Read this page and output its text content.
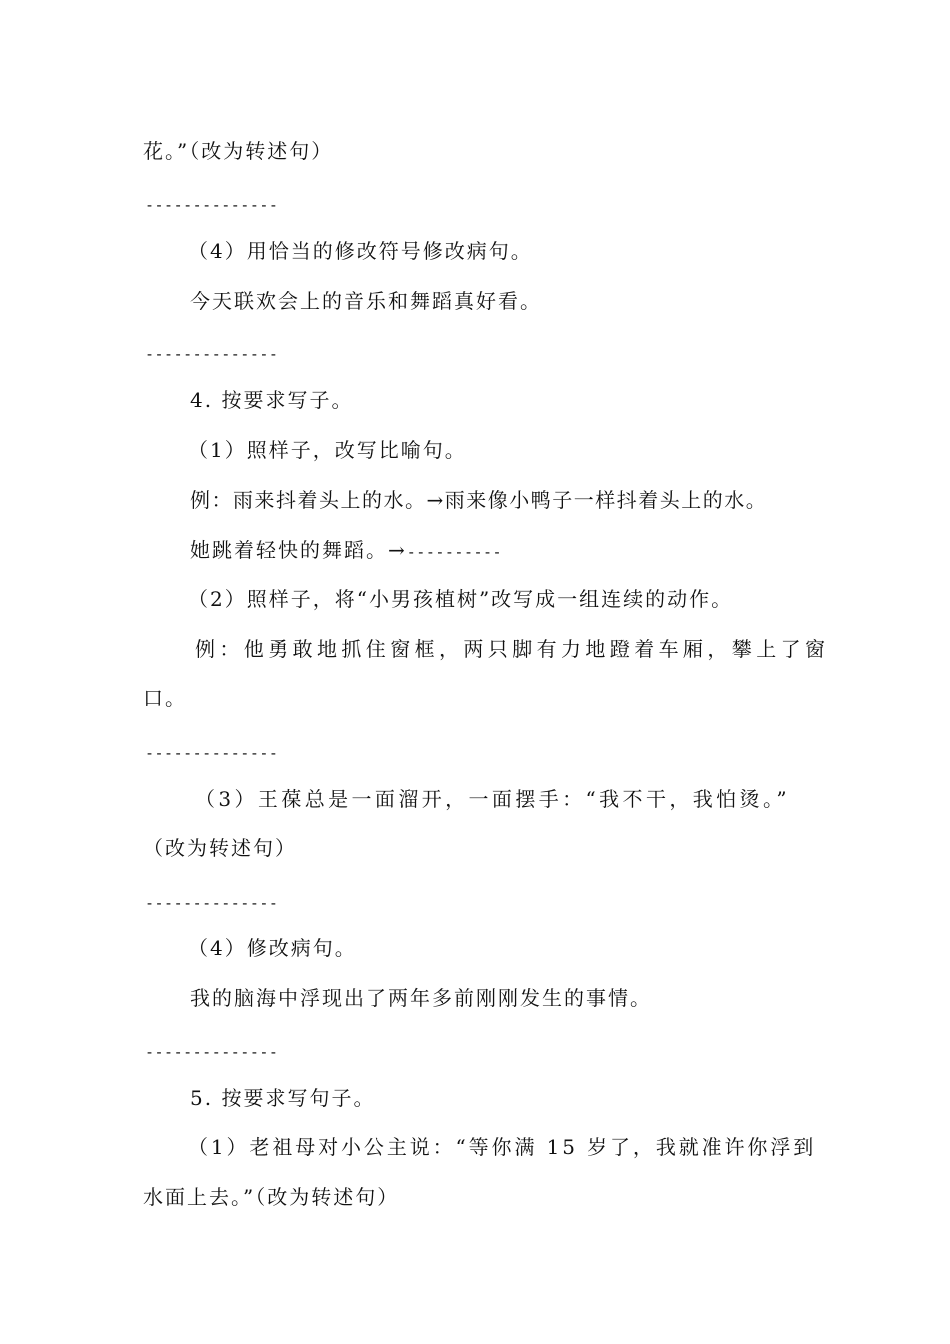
花。”（改为转述句）
--------------
（4）用恰当的修改符号修改病句。
今天联欢会上的音乐和舞蹈真好看。
--------------
4. 按要求写子。
（1）照样子，改写比喻句。
例：雨来抖着头上的水。→雨来像小鸭子一样抖着头上的水。
她跳着轻快的舞蹈。→----------
（2）照样子，将“小男孩植树”改写成一组连续的动作。
例：他勇敢地抓住窗框，两只脚有力地蹬着车厢，攀上了窗
口。
--------------
（3）王葆总是一面溜开，一面摆手：“我不干，我怕烫。”
（改为转述句）
--------------
（4）修改病句。
我的脑海中浮现出了两年多前刚刚发生的事情。
--------------
5. 按要求写句子。
（1）老祖母对小公主说：“等你满 15 岁了，我就准许你浮到
水面上去。”（改为转述句）
